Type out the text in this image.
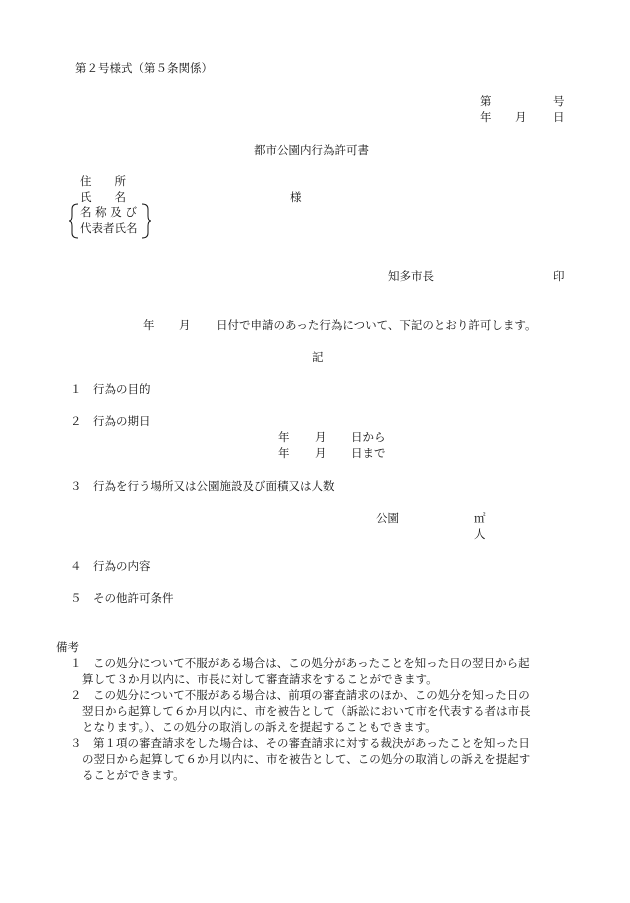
第２号様式（第５条関係）
第	号
年 月 日
都市公園内行為許可書
住　　所
氏　　名	様
名 称 及 び
代表者氏名
知多市長	印
年 月 日付で申請のあった行為について、下記のとおり許可します。
記
１　行為の目的
２　行為の期日
年 月 日から
年 月 日まで
３　行為を行う場所又は公園施設及び面積又は人数
公園	㎡
人
４　行為の内容
５　その他許可条件
備考
１　この処分について不服がある場合は、この処分があったことを知った日の翌日から起
算して３か月以内に、市長に対して審査請求をすることができます。
２　この処分について不服がある場合は、前項の審査請求のほか、この処分を知った日の
翌日から起算して６か月以内に、市を被告として（訴訟において市を代表する者は市長
となります。）、この処分の取消しの訴えを提起することもできます。
３　第１項の審査請求をした場合は、その審査請求に対する裁決があったことを知った日
の翌日から起算して６か月以内に、市を被告として、この処分の取消しの訴えを提起す
ることができます。
